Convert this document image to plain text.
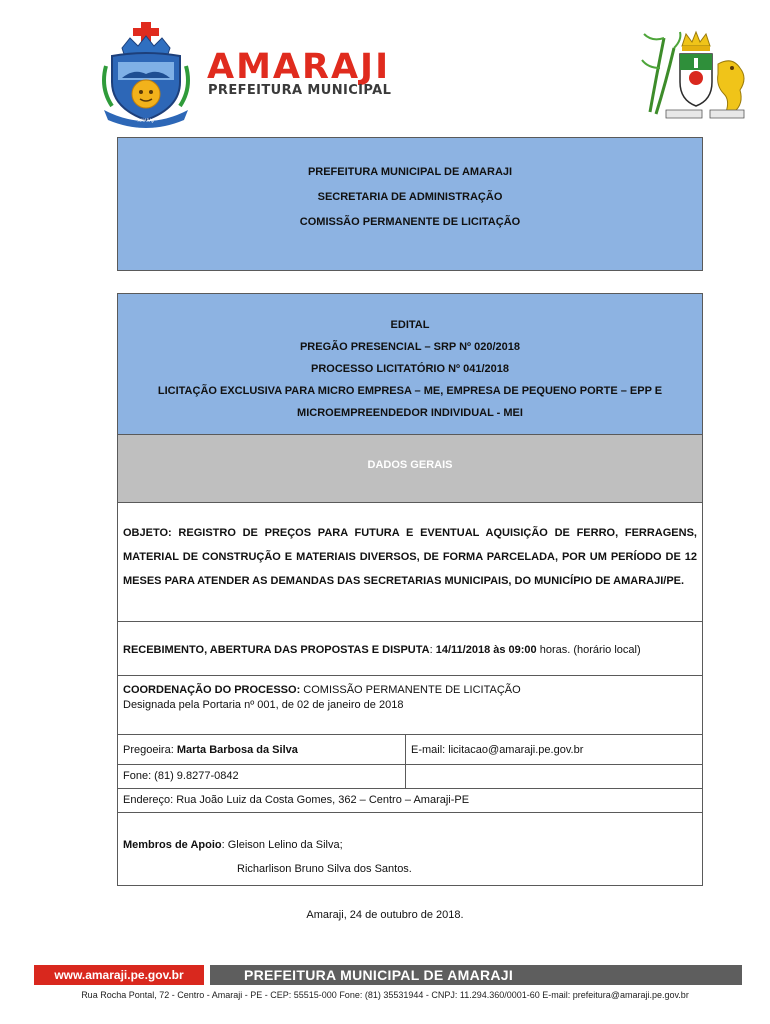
AMARAJI
AMARAJI
PREFEITURA MUNICIPAL
PREFEITURA MUNICIPAL DE AMARAJI
SECRETARIA DE ADMINISTRAÇÃO
COMISSÃO PERMANENTE DE LICITAÇÃO
EDITAL
PREGÃO PRESENCIAL – SRP Nº 020/2018
PROCESSO LICITATÓRIO Nº 041/2018
LICITAÇÃO EXCLUSIVA PARA MICRO EMPRESA – ME, EMPRESA DE PEQUENO PORTE – EPP E
MICROEMPREENDEDOR INDIVIDUAL - MEI
DADOS GERAIS
OBJETO: REGISTRO DE PREÇOS PARA FUTURA E EVENTUAL AQUISIÇÃO DE FERRO, FERRAGENS, MATERIAL DE CONSTRUÇÃO E MATERIAIS DIVERSOS, DE FORMA PARCELADA, POR UM PERÍODO DE 12 MESES PARA ATENDER AS DEMANDAS DAS SECRETARIAS MUNICIPAIS, DO MUNICÍPIO DE AMARAJI/PE.
RECEBIMENTO, ABERTURA DAS PROPOSTAS E DISPUTA: 14/11/2018 às 09:00 horas. (horário local)
COORDENAÇÃO DO PROCESSO: COMISSÃO PERMANENTE DE LICITAÇÃO
Designada pela Portaria nº 001, de 02 de janeiro de 2018
Pregoeira: Marta Barbosa da Silva	E-mail: licitacao@amaraji.pe.gov.br
Fone: (81) 9.8277-0842
Endereço: Rua João Luiz da Costa Gomes, 362 – Centro – Amaraji-PE
Membros de Apoio: Gleison Lelino da Silva;
Richarlison Bruno Silva dos Santos.
Amaraji, 24 de outubro de 2018.
www.amaraji.pe.gov.br	PREFEITURA MUNICIPAL DE AMARAJI
Rua Rocha Pontal, 72 - Centro - Amaraji - PE - CEP: 55515-000 Fone: (81) 35531944 - CNPJ: 11.294.360/0001-60 E-mail: prefeitura@amaraji.pe.gov.br
